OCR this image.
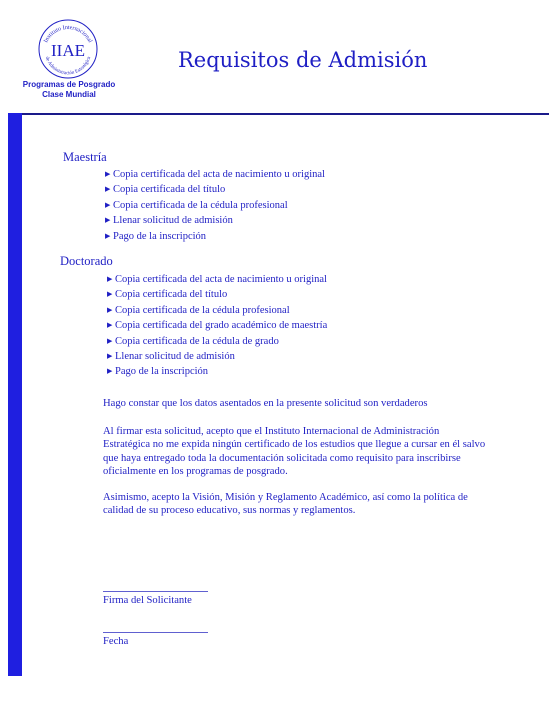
Instituto Internacional
de Administración Estratégica
IIAE
Programas de Posgrado
Clase Mundial
Requisitos de Admisión
Maestría
▶ Copia certificada del acta de nacimiento u original
▶ Copia certificada del título
▶ Copia certificada de la cédula profesional
▶ Llenar solicitud de admisión
▶ Pago de la inscripción
Doctorado
▶ Copia certificada del acta de nacimiento u original
▶ Copia certificada del título
▶ Copia certificada de la cédula profesional
▶ Copia certificada del grado académico de maestría
▶ Copia certificada de la cédula de grado
▶ Llenar solicitud de admisión
▶ Pago de la inscripción
Hago constar que los datos asentados en la presente solicitud son verdaderos
Al firmar esta solicitud, acepto que el Instituto Internacional de Administración
Estratégica no me expida ningún certificado de los estudios que llegue a cursar en él salvo
que haya entregado toda la documentación solicitada como requisito para inscribirse
oficialmente en los programas de posgrado.
Asimismo, acepto la Visión, Misión y Reglamento Académico, así como la política de
calidad de su proceso educativo, sus normas y reglamentos.
Firma del Solicitante
Fecha
